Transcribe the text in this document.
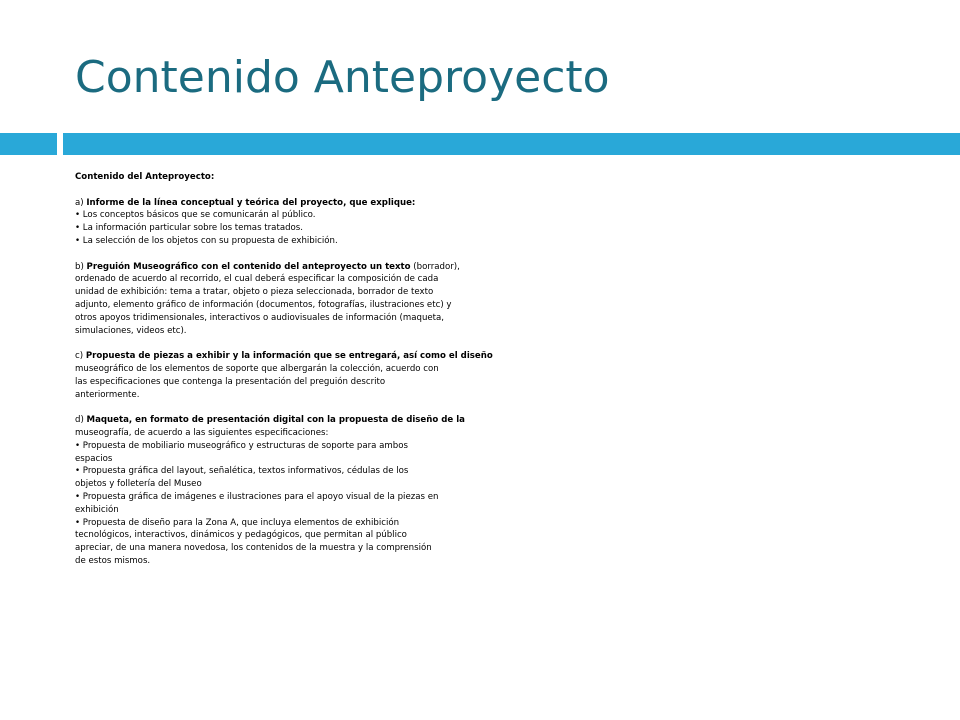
Contenido Anteproyecto
Contenido del Anteproyecto:
a) Informe de la línea conceptual y teórica del proyecto, que explique:
• Los conceptos básicos que se comunicarán al público.
• La información particular sobre los temas tratados.
• La selección de los objetos con su propuesta de exhibición.
b) Preguión Museográfico con el contenido del anteproyecto un texto (borrador),
ordenado de acuerdo al recorrido, el cual deberá especificar la composición de cada
unidad de exhibición: tema a tratar, objeto o pieza seleccionada, borrador de texto
adjunto, elemento gráfico de información (documentos, fotografías, ilustraciones etc) y
otros apoyos tridimensionales, interactivos o audiovisuales de información (maqueta,
simulaciones, videos etc).
c) Propuesta de piezas a exhibir y la información que se entregará, así como el diseño
museográfico de los elementos de soporte que albergarán la colección, acuerdo con
las especificaciones que contenga la presentación del preguión descrito
anteriormente.
d) Maqueta, en formato de presentación digital con la propuesta de diseño de la
museografía, de acuerdo a las siguientes especificaciones:
• Propuesta de mobiliario museográfico y estructuras de soporte para ambos
espacios
• Propuesta gráfica del layout, señalética, textos informativos, cédulas de los
objetos y folletería del Museo
• Propuesta gráfica de imágenes e ilustraciones para el apoyo visual de la piezas en
exhibición
• Propuesta de diseño para la Zona A, que incluya elementos de exhibición
tecnológicos, interactivos, dinámicos y pedagógicos, que permitan al público
apreciar, de una manera novedosa, los contenidos de la muestra y la comprensión
de estos mismos.
